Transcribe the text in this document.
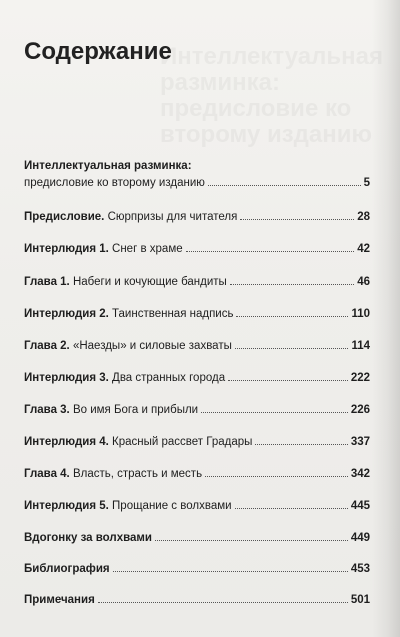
Интеллектуальная разминка: предисловие ко второму изданию
Содержание
Интеллектуальная разминка:
предисловие ко второму изданию	5
Предисловие. Сюрпризы для читателя	28
Интерлюдия 1. Снег в храме	42
Глава 1. Набеги и кочующие бандиты	46
Интерлюдия 2. Таинственная надпись	110
Глава 2. «Наезды» и силовые захваты	114
Интерлюдия 3. Два странных города	222
Глава 3. Во имя Бога и прибыли	226
Интерлюдия 4. Красный рассвет Градары	337
Глава 4. Власть, страсть и месть	342
Интерлюдия 5. Прощание с волхвами	445
Вдогонку за волхвами	449
Библиография	453
Примечания	501
